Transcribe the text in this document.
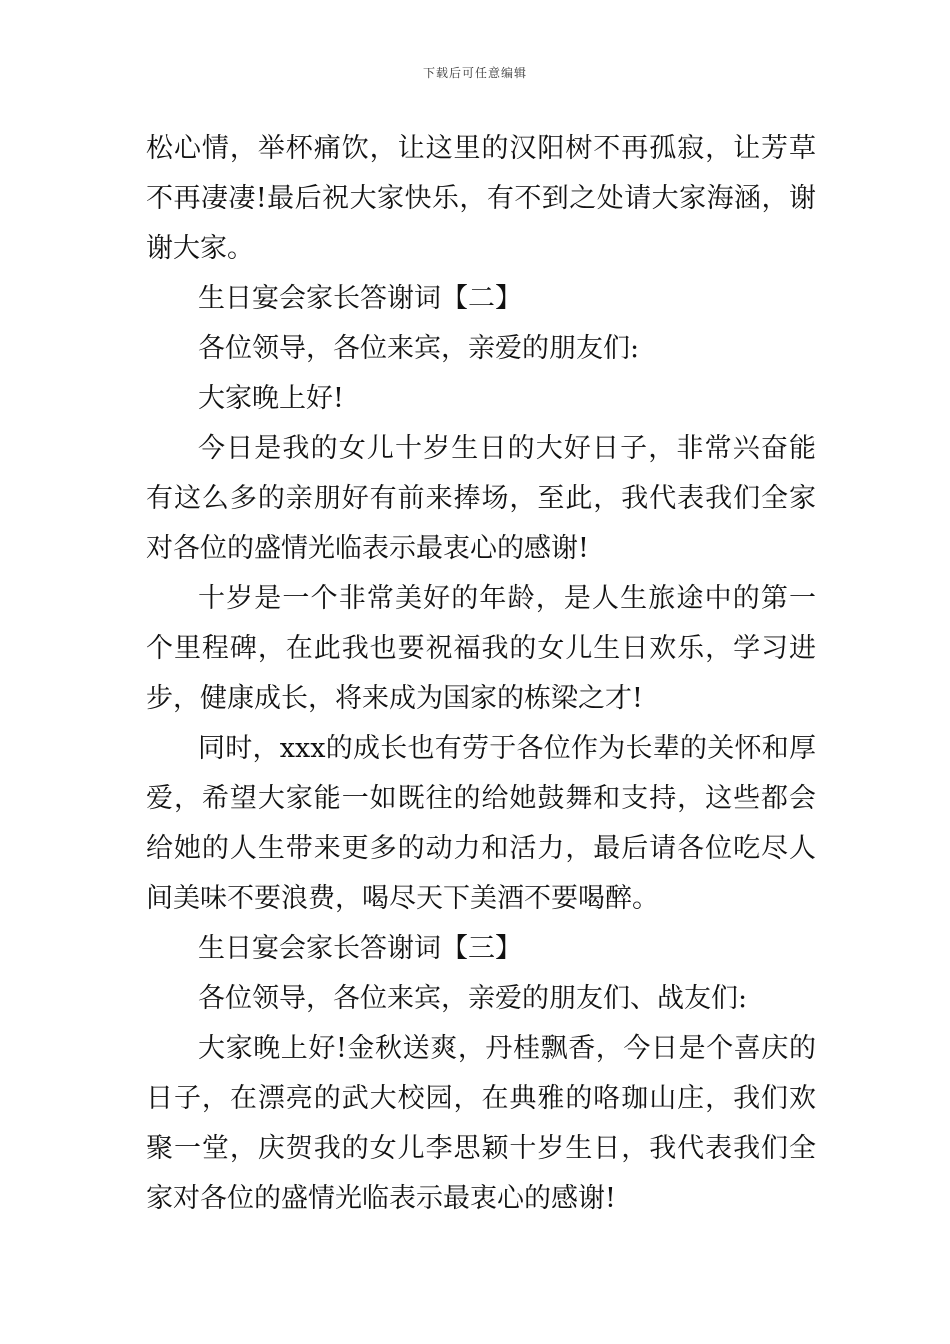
下载后可任意编辑

松心情，举杯痛饮，让这里的汉阳树不再孤寂，让芳草不再凄凄!最后祝大家快乐，有不到之处请大家海涵，谢谢大家。

生日宴会家长答谢词【二】

各位领导，各位来宾，亲爱的朋友们:

大家晚上好!

今日是我的女儿十岁生日的大好日子，非常兴奋能有这么多的亲朋好有前来捧场，至此，我代表我们全家对各位的盛情光临表示最衷心的感谢!

十岁是一个非常美好的年龄，是人生旅途中的第一个里程碑，在此我也要祝福我的女儿生日欢乐，学习进步，健康成长，将来成为国家的栋梁之才!

同时，xxx的成长也有劳于各位作为长辈的关怀和厚爱，希望大家能一如既往的给她鼓舞和支持，这些都会给她的人生带来更多的动力和活力，最后请各位吃尽人间美味不要浪费，喝尽天下美酒不要喝醉。

生日宴会家长答谢词【三】

各位领导，各位来宾，亲爱的朋友们、战友们:

大家晚上好!金秋送爽，丹桂飘香，今日是个喜庆的日子，在漂亮的武大校园，在典雅的咯珈山庄，我们欢聚一堂，庆贺我的女儿李思颖十岁生日，我代表我们全家对各位的盛情光临表示最衷心的感谢!
